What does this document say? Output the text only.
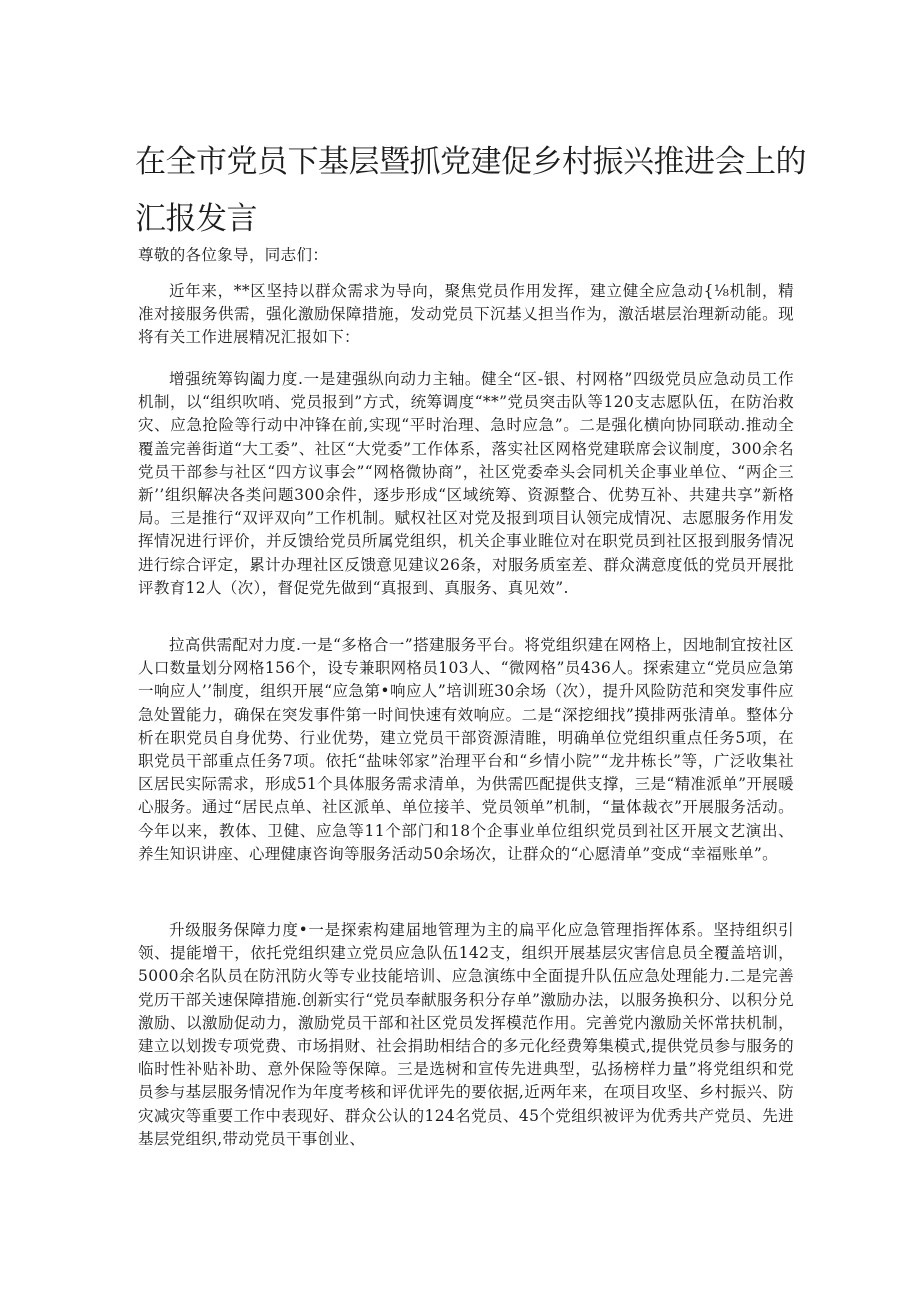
在全市党员下基层暨抓党建促乡村振兴推进会上的
汇报发言

尊敬的各位象导，同志们：

近年来，**区坚持以群众需求为导向，聚焦党员作用发挥，建立健全应急动{⅛机制，精准对接服务供需，强化激励保障措施，发动党员下沉基乂担当作为，激活堪层治理新动能。现将有关工作进展精况汇报如下：

增强统筹钩阖力度.一是建强纵向动力主轴。健全“区-银、村网格”四级党员应急动员工作机制，以“组织吹哨、党员报到”方式，统筹调度“**”党员突击队等120支志愿队伍，在防治救灾、应急抢险等行动中冲锋在前,实现“平时治理、急时应急”。二是强化横向协同联动.推动全覆盖完善街道“大工委”、社区“大党委”工作体系，落实社区网格党建联席会议制度，300余名党员干部参与社区“四方议事会”“网格微协商”，社区党委牵头会同机关企事业单位、“两企三新’’组织解决各类问题300余件，逐步形成“区域统筹、资源整合、优势互补、共建共享”新格局。三是推行“双评双向”工作机制。赋权社区对党及报到项目认领完成情况、志愿服务作用发挥情况进行评价，并反馈给党员所属党组织，机关企事业睢位对在职党员到社区报到服务情况进行综合评定，累计办理社区反馈意见建议26条，对服务质室差、群众满意度低的党员开展批评教育12人（次），督促党先做到“真报到、真服务、真见效”.

拉高供需配对力度.一是“多格合一”搭建服务平台。将党组织建在网格上，因地制宜按社区人口数量划分网格156个，设专兼职网格员103人、“微网格”员436人。探索建立“党员应急第一响应人’’制度，组织开展“应急第•响应人”培训班30余场（次），提升风险防范和突发事件应急处置能力，确保在突发事件第一时间快速有效响应。二是“深挖细找”摸排两张清单。整体分析在职党员自身优势、行业优势，建立党员干部资源清睢，明确单位党组织重点任务5项，在职党员干部重点任务7项。依托“盐味邻家”治理平台和“乡情小院”“龙井栋长”等，广泛收集社区居民实际需求，形成51个具体服务需求清单，为供需匹配提供支撑，三是“精准派单”开展暖心服务。通过“居民点单、社区派单、单位接羊、党员领单”机制，“量体裁衣”开展服务活动。今年以来，教体、卫健、应急等11个部门和18个企事业单位组织党员到社区开展文艺演出、养生知识讲座、心理健康咨询等服务活动50余场次，让群众的“心愿清单”变成“幸福账单”。

升级服务保障力度•一是探索构建届地管理为主的扁平化应急管理指挥体系。坚持组织引领、提能增干，依托党组织建立党员应急队伍142支，组织开展基层灾害信息员全覆盖培训，5000余名队员在防汛防火等专业技能培训、应急演练中全面提升队伍应急处理能力.二是完善党历干部关速保障措施.创新实行“党员奉献服务积分存单”激励办法，以服务换积分、以积分兑激励、以激励促动力，激励党员干部和社区党员发挥模范作用。完善党内激励关怀常扶机制，建立以划拨专项党费、市场捐财、社会捐助相结合的多元化经费筹集模式,提供党员参与服务的临时性补贴补助、意外保险等保障。三是选树和宣传先进典型，弘扬榜样力量”将党组织和党员参与基层服务情况作为年度考核和评优评先的要依据,近两年来，在项目攻坚、乡村振兴、防灾减灾等重要工作中表现好、群众公认的124名党员、45个党组织被评为优秀共产党员、先进基层党组织,带动党员干事创业、
